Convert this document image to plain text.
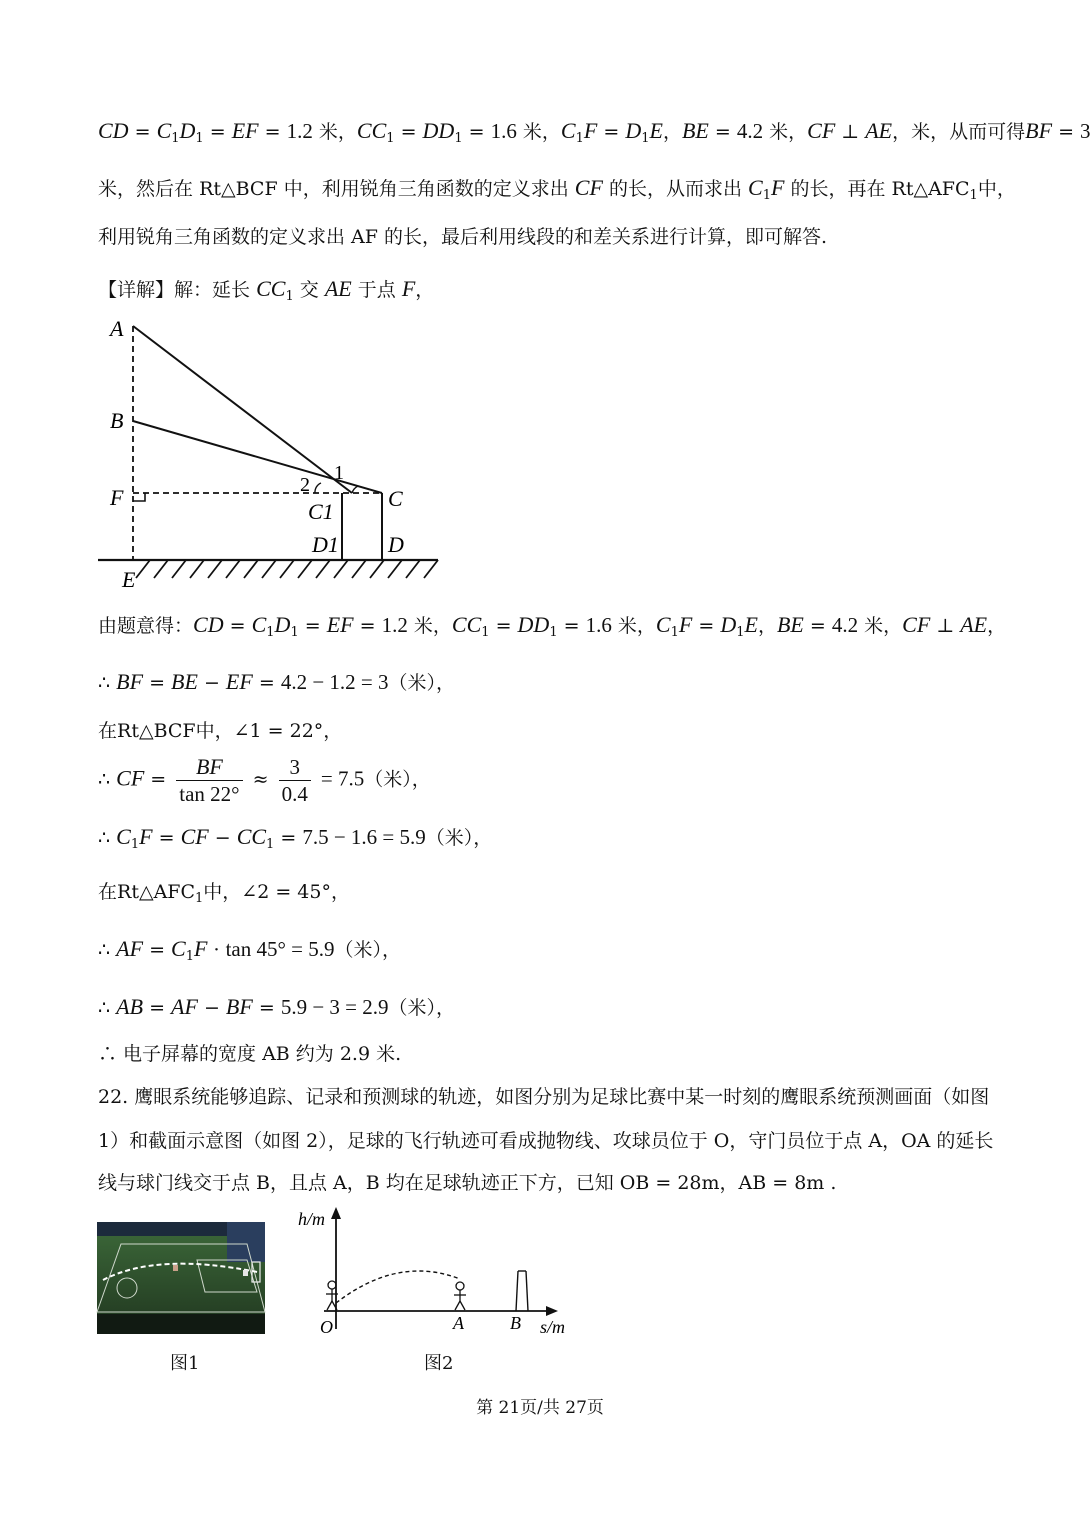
CD = $C_1D_1$ = EF = 1.2 米，$CC_1 = DD_1 = 1.6$ 米，$C_1F = D_1E$，BE = 4.2 米，CF ⊥ AE，米，从而可得BF = 3
米，然后在 Rt△BCF 中，利用锐角三角函数的定义求出 CF 的长，从而求出 $C_1F$ 的长，再在 $Rt\triangle AFC_1$中，
利用锐角三角函数的定义求出 AF 的长，最后利用线段的和差关系进行计算，即可解答.
【详解】解：延长 $CC_1$ 交 AE 于点 F，
A
B
F	2
1
C
C1
D1 D
E
由题意得：CD = $C_1D_1$ = EF = 1.2 米，$CC_1 = DD_1 = 1.6$ 米，$C_1F = D_1E$，BE = 4.2 米，CF ⊥ AE，
∴ BF = BE − EF = 4.2 − 1.2 = 3（米），
在Rt△BCF中，∠1 = 22°，
∴ CF = $\frac{BF}{\tan 22^\circ} \approx \frac{3}{0.4} = 7.5$（米），
∴ $C_1F$ = CF − $CC_1 = 7.5 - 1.6 = 5.9$（米），
在$Rt\triangle AFC_1$中，∠2 = 45°，
∴ AF = $C_1F \cdot \tan 45^\circ = 5.9$（米），
∴ AB = AF − BF = 5.9 − 3 = 2.9（米），
∴ 电子屏幕的宽度 AB 约为 2.9 米.
22. 鹰眼系统能够追踪、记录和预测球的轨迹，如图分别为足球比赛中某一时刻的鹰眼系统预测画面（如图
1）和截面示意图（如图 2），足球的飞行轨迹可看成抛物线、攻球员位于 O，守门员位于点 A，OA 的延长
线与球门线交于点 B，且点 A，B 均在足球轨迹正下方，已知 OB = 28m，AB = 8m .
图1
h/m
s/m
O	A	B
图2
第 21页/共 27页
